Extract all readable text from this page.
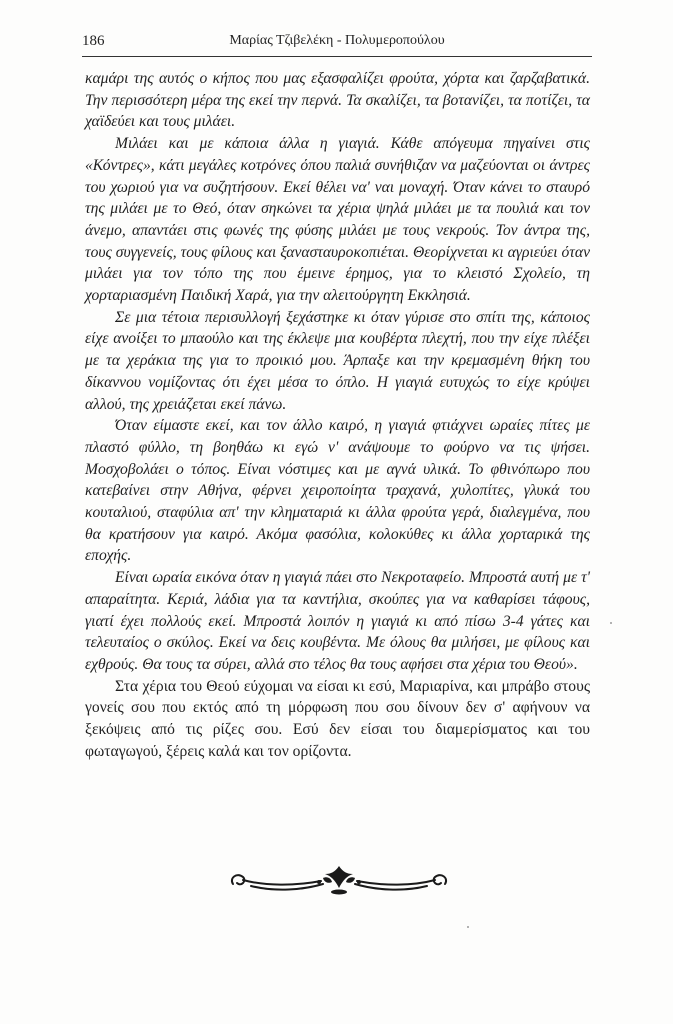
186	Μαρίας Τζιβελέκη - Πολυμεροπούλου

καμάρι της αυτός ο κήπος που μας εξασφαλίζει φρούτα, χόρτα και ζαρζαβατικά. Την περισσότερη μέρα της εκεί την περνά. Τα σκαλίζει, τα βοτανίζει, τα ποτίζει, τα χαϊδεύει και τους μιλάει.

Μιλάει και με κάποια άλλα η γιαγιά. Κάθε απόγευμα πηγαίνει στις «Κόντρες», κάτι μεγάλες κοτρόνες όπου παλιά συνήθιζαν να μαζεύονται οι άντρες του χωριού για να συζητήσουν. Εκεί θέλει να' ναι μοναχή. Όταν κάνει το σταυρό της μιλάει με το Θεό, όταν σηκώνει τα χέρια ψηλά μιλάει με τα πουλιά και τον άνεμο, απαντάει στις φωνές της φύσης μιλάει με τους νεκρούς. Τον άντρα της, τους συγγενείς, τους φίλους και ξανασταυροκοπιέται. Θεορίχνεται κι αγριεύει όταν μιλάει για τον τόπο της που έμεινε έρημος, για το κλειστό Σχολείο, τη χορταριασμένη Παιδική Χαρά, για την αλειτούργητη Εκκλησιά.

Σε μια τέτοια περισυλλογή ξεχάστηκε κι όταν γύρισε στο σπίτι της, κάποιος είχε ανοίξει το μπαούλο και της έκλεψε μια κουβέρτα πλεχτή, που την είχε πλέξει με τα χεράκια της για το προικιό μου. Άρπαξε και την κρεμασμένη θήκη του δίκαννου νομίζοντας ότι έχει μέσα το όπλο. Η γιαγιά ευτυχώς το είχε κρύψει αλλού, της χρειάζεται εκεί πάνω.

Όταν είμαστε εκεί, και τον άλλο καιρό, η γιαγιά φτιάχνει ωραίες πίτες με πλαστό φύλλο, τη βοηθάω κι εγώ ν' ανάψουμε το φούρνο να τις ψήσει. Μοσχοβολάει ο τόπος. Είναι νόστιμες και με αγνά υλικά. Το φθινόπωρο που κατεβαίνει στην Αθήνα, φέρνει χειροποίητα τραχανά, χυλοπίτες, γλυκά του κουταλιού, σταφύλια απ' την κληματαριά κι άλλα φρούτα γερά, διαλεγμένα, που θα κρατήσουν για καιρό. Ακόμα φασόλια, κολοκύθες κι άλλα χορταρικά της εποχής.

Είναι ωραία εικόνα όταν η γιαγιά πάει στο Νεκροταφείο. Μπροστά αυτή με τ' απαραίτητα. Κεριά, λάδια για τα καντήλια, σκούπες για να καθαρίσει τάφους, γιατί έχει πολλούς εκεί. Μπροστά λοιπόν η γιαγιά κι από πίσω 3-4 γάτες και τελευταίος ο σκύλος. Εκεί να δεις κουβέντα. Με όλους θα μιλήσει, με φίλους και εχθρούς. Θα τους τα σύρει, αλλά στο τέλος θα τους αφήσει στα χέρια του Θεού».

Στα χέρια του Θεού εύχομαι να είσαι κι εσύ, Μαριαρίνα, και μπράβο στους γονείς σου που εκτός από τη μόρφωση που σου δίνουν δεν σ' αφήνουν να ξεκόψεις από τις ρίζες σου. Εσύ δεν είσαι του διαμερίσματος και του φωταγωγού, ξέρεις καλά και τον ορίζοντα.
